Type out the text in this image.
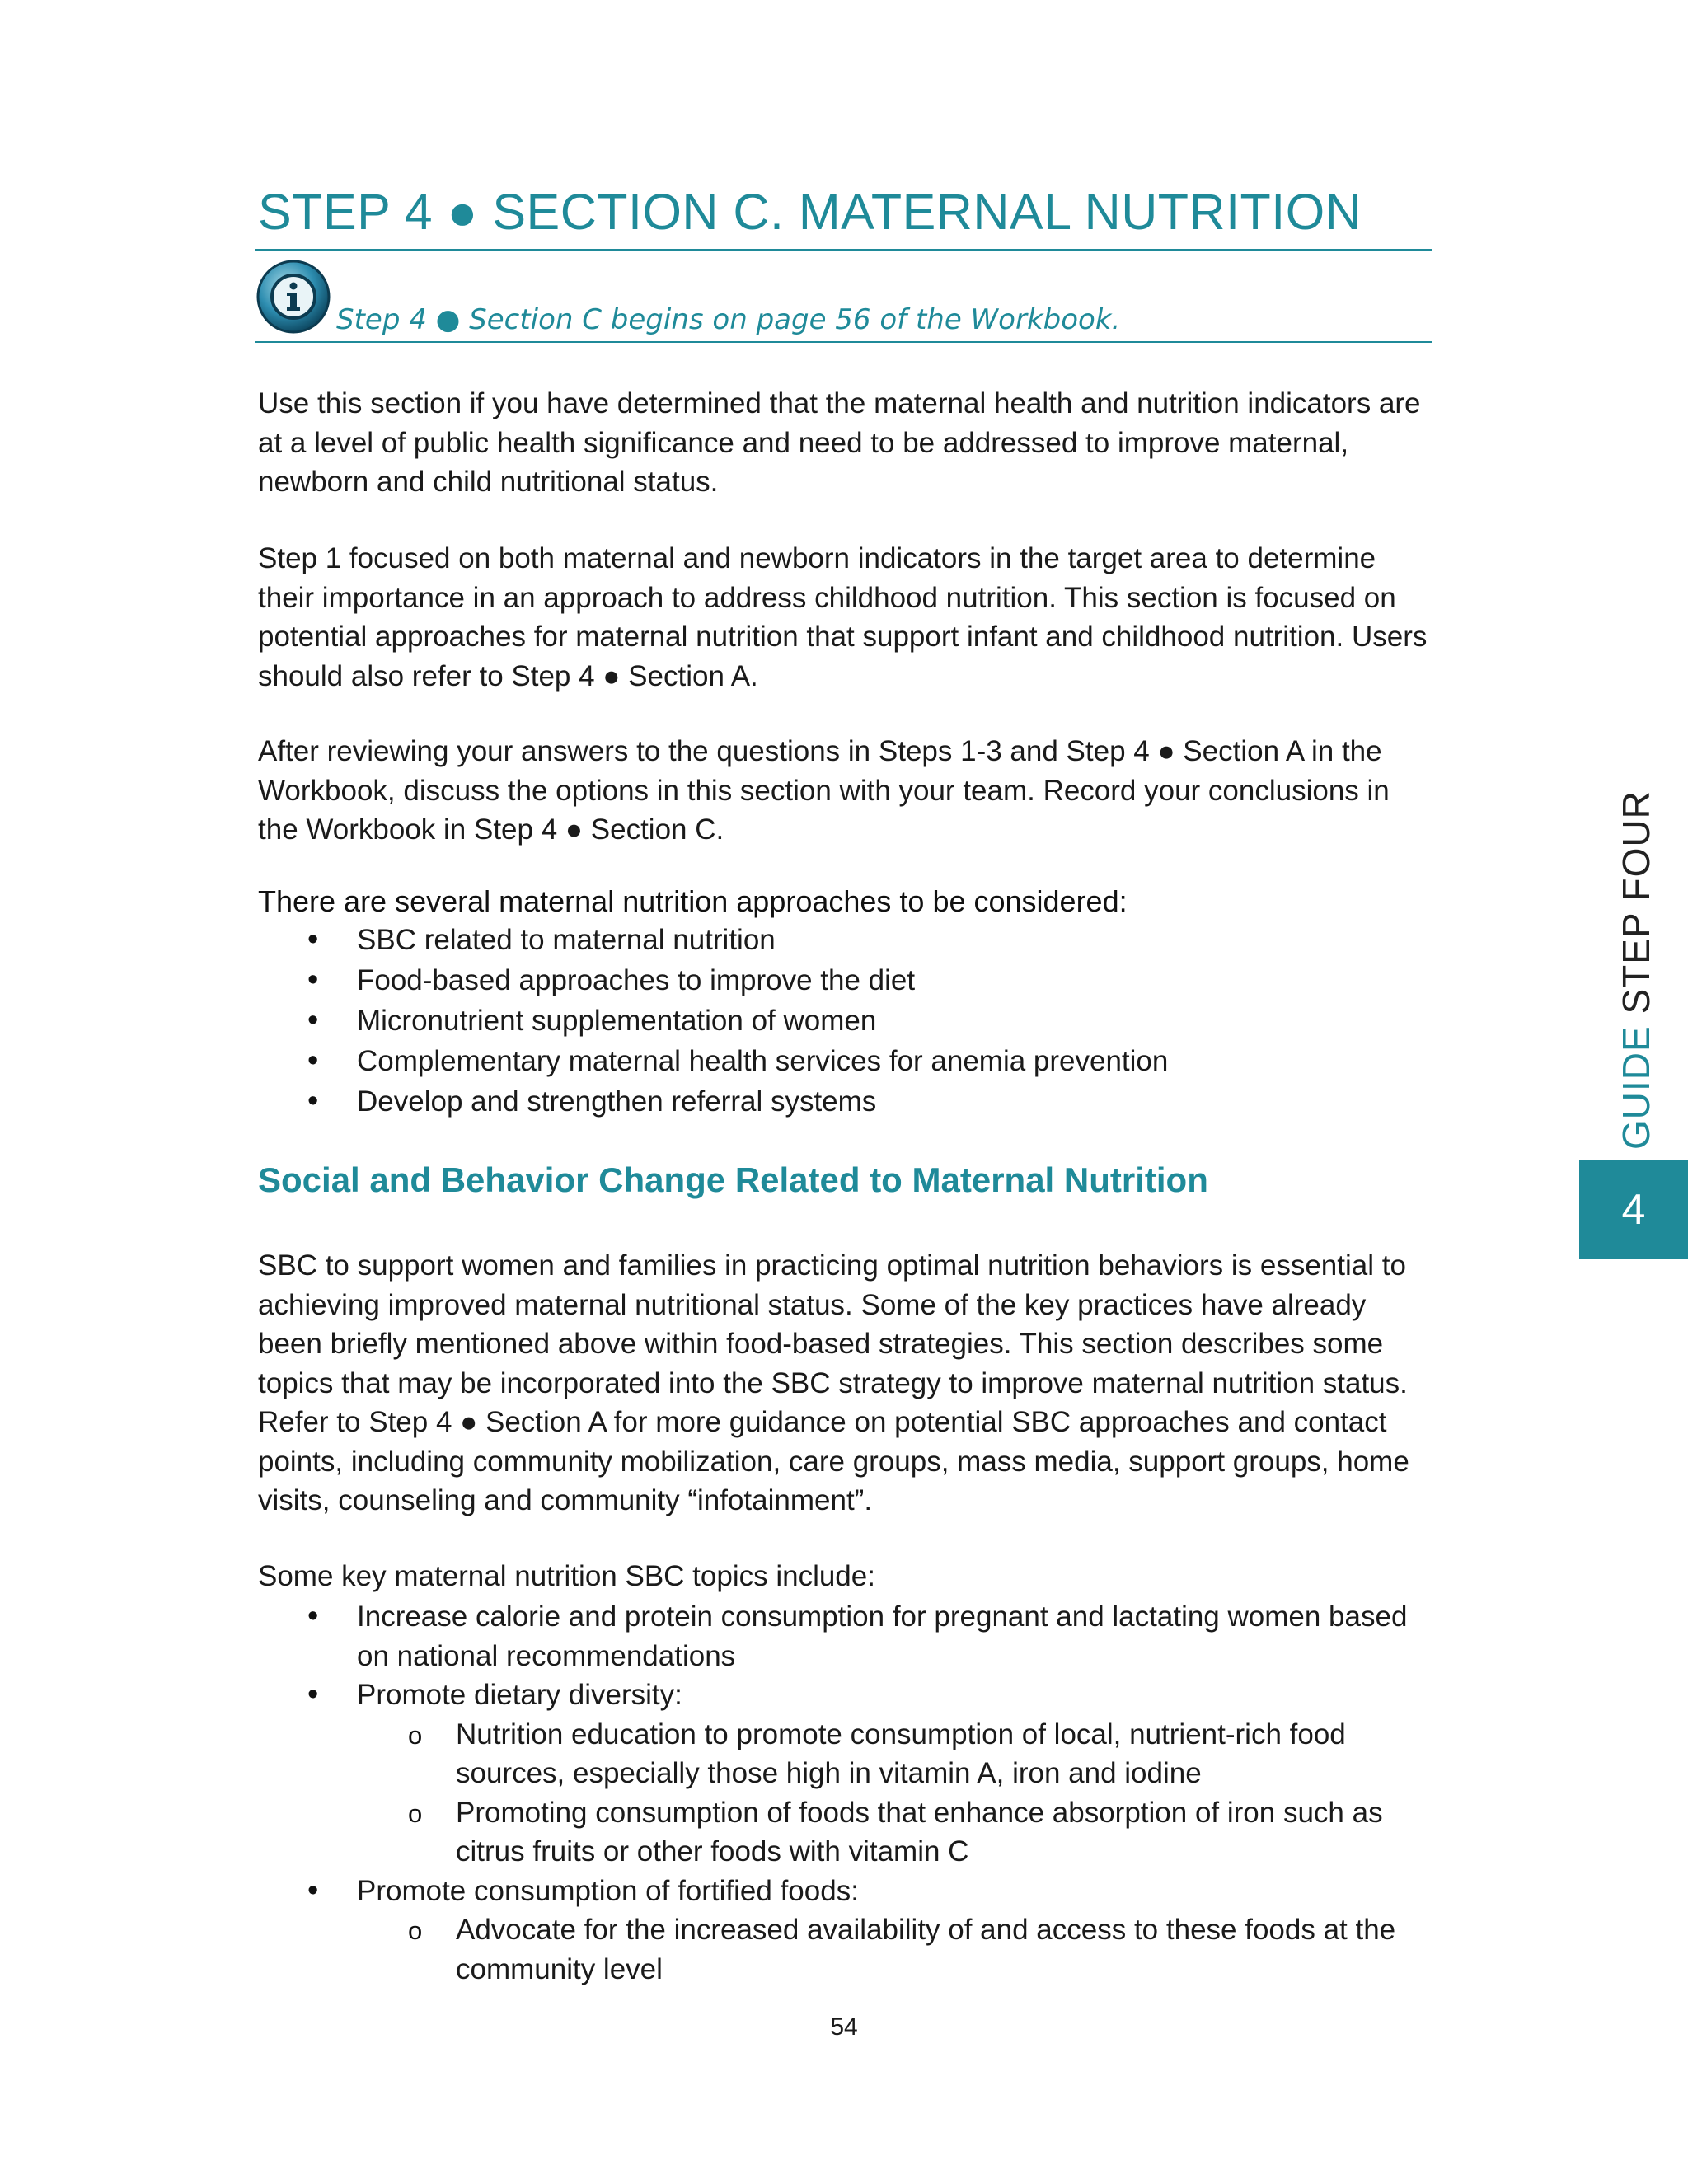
STEP 4 ● SECTION C. MATERNAL NUTRITION

Step 4 ● Section C begins on page 56 of the Workbook.

Use this section if you have determined that the maternal health and nutrition indicators are at a level of public health significance and need to be addressed to improve maternal, newborn and child nutritional status.

Step 1 focused on both maternal and newborn indicators in the target area to determine their importance in an approach to address childhood nutrition. This section is focused on potential approaches for maternal nutrition that support infant and childhood nutrition. Users should also refer to Step 4 ● Section A.

After reviewing your answers to the questions in Steps 1-3 and Step 4 ● Section A in the Workbook, discuss the options in this section with your team. Record your conclusions in the Workbook in Step 4 ● Section C.

There are several maternal nutrition approaches to be considered:

• SBC related to maternal nutrition
• Food-based approaches to improve the diet
• Micronutrient supplementation of women
• Complementary maternal health services for anemia prevention
• Develop and strengthen referral systems
Social and Behavior Change Related to Maternal Nutrition

SBC to support women and families in practicing optimal nutrition behaviors is essential to achieving improved maternal nutritional status. Some of the key practices have already been briefly mentioned above within food-based strategies. This section describes some topics that may be incorporated into the SBC strategy to improve maternal nutrition status. Refer to Step 4 ● Section A for more guidance on potential SBC approaches and contact points, including community mobilization, care groups, mass media, support groups, home visits, counseling and community “infotainment”.

Some key maternal nutrition SBC topics include:

• Increase calorie and protein consumption for pregnant and lactating women based on national recommendations
• Promote dietary diversity:
o Nutrition education to promote consumption of local, nutrient-rich food sources, especially those high in vitamin A, iron and iodine
o Promoting consumption of foods that enhance absorption of iron such as citrus fruits or other foods with vitamin C
• Promote consumption of fortified foods:
o Advocate for the increased availability of and access to these foods at the community level
GUIDE STEP FOUR
4
54
